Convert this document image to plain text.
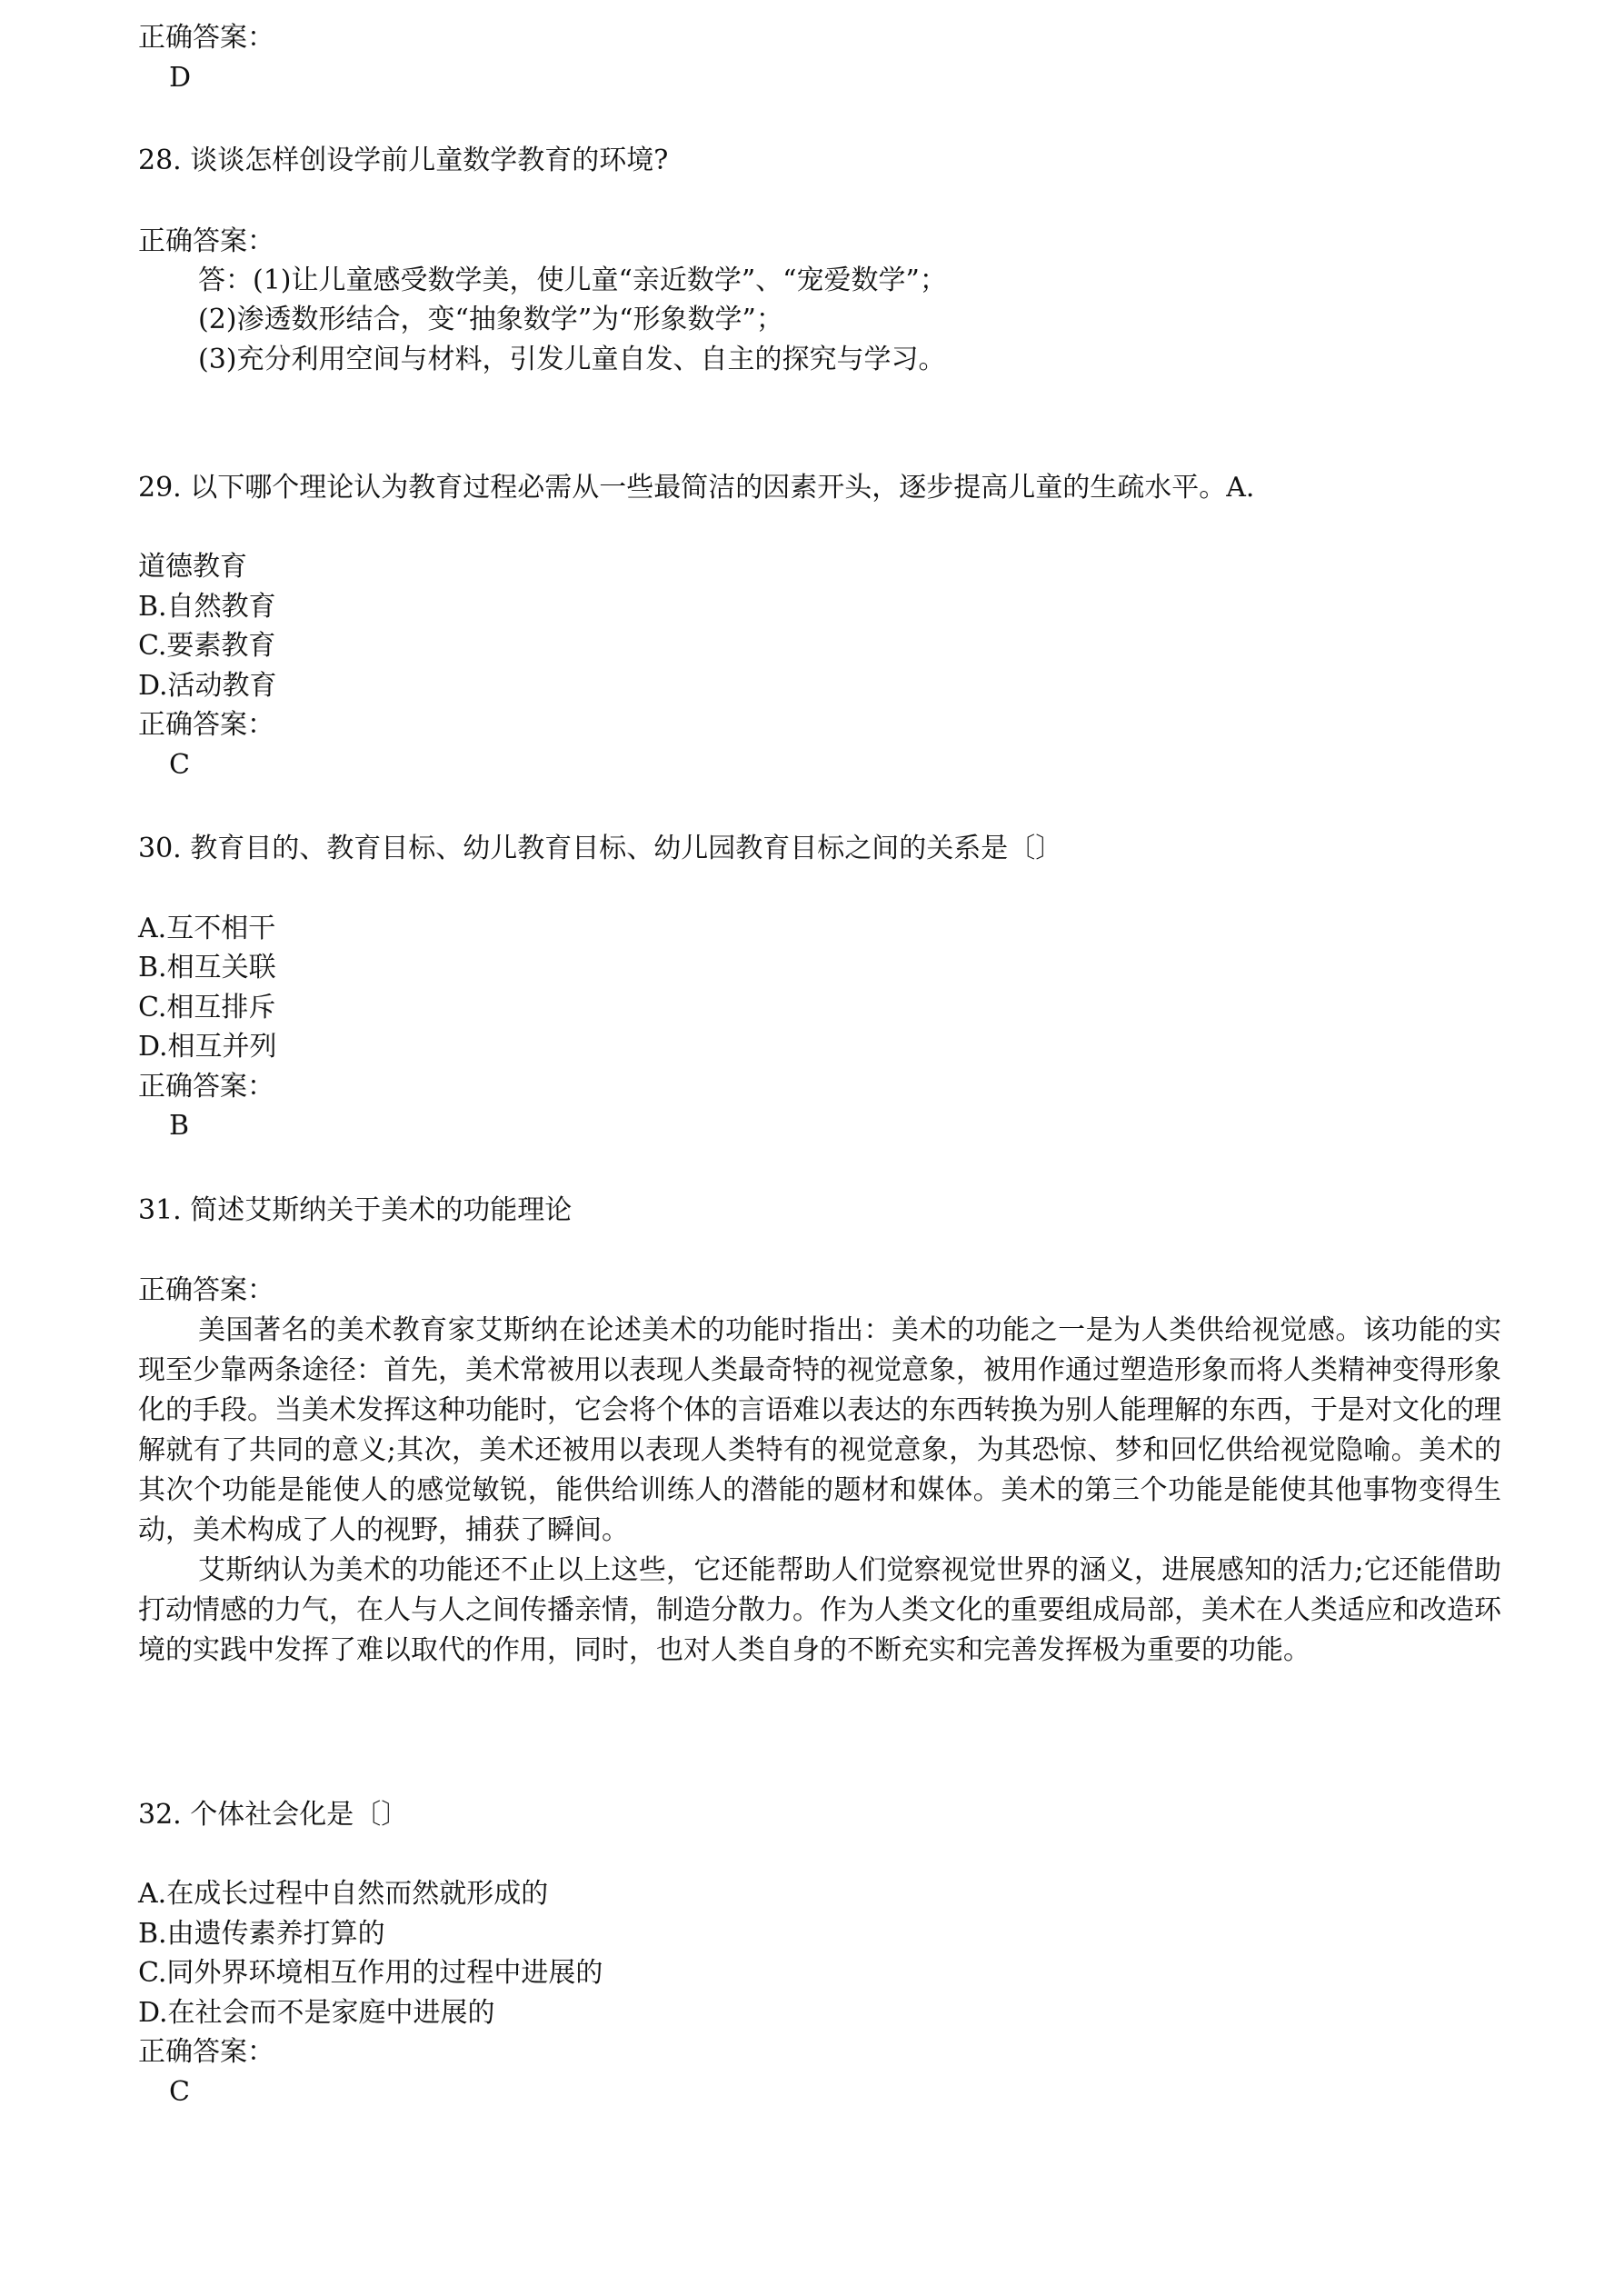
正确答案：

D

28. 谈谈怎样创设学前儿童数学教育的环境?

正确答案：

答：(1)让儿童感受数学美，使儿童“亲近数学”、“宠爱数学”；

(2)渗透数形结合，变“抽象数学”为“形象数学”；

(3)充分利用空间与材料，引发儿童自发、自主的探究与学习。

29. 以下哪个理论认为教育过程必需从一些最简洁的因素开头，逐步提高儿童的生疏水平。A.

道德教育

B.自然教育

C.要素教育

D.活动教育

正确答案：

C

30. 教育目的、教育目标、幼儿教育目标、幼儿园教育目标之间的关系是〔〕

A.互不相干

B.相互关联

C.相互排斥

D.相互并列

正确答案：

B

31. 简述艾斯纳关于美术的功能理论

正确答案：

美国著名的美术教育家艾斯纳在论述美术的功能时指出：美术的功能之一是为人类供给视觉感。该功能的实现至少靠两条途径：首先，美术常被用以表现人类最奇特的视觉意象，被用作通过塑造形象而将人类精神变得形象化的手段。当美术发挥这种功能时，它会将个体的言语难以表达的东西转换为别人能理解的东西，于是对文化的理解就有了共同的意义;其次，美术还被用以表现人类特有的视觉意象，为其恐惊、梦和回忆供给视觉隐喻。美术的其次个功能是能使人的感觉敏锐，能供给训练人的潜能的题材和媒体。美术的第三个功能是能使其他事物变得生动，美术构成了人的视野，捕获了瞬间。

艾斯纳认为美术的功能还不止以上这些，它还能帮助人们觉察视觉世界的涵义，进展感知的活力;它还能借助打动情感的力气，在人与人之间传播亲情，制造分散力。作为人类文化的重要组成局部，美术在人类适应和改造环境的实践中发挥了难以取代的作用，同时，也对人类自身的不断充实和完善发挥极为重要的功能。

32. 个体社会化是〔〕

A.在成长过程中自然而然就形成的

B.由遗传素养打算的

C.同外界环境相互作用的过程中进展的

D.在社会而不是家庭中进展的

正确答案：

C
